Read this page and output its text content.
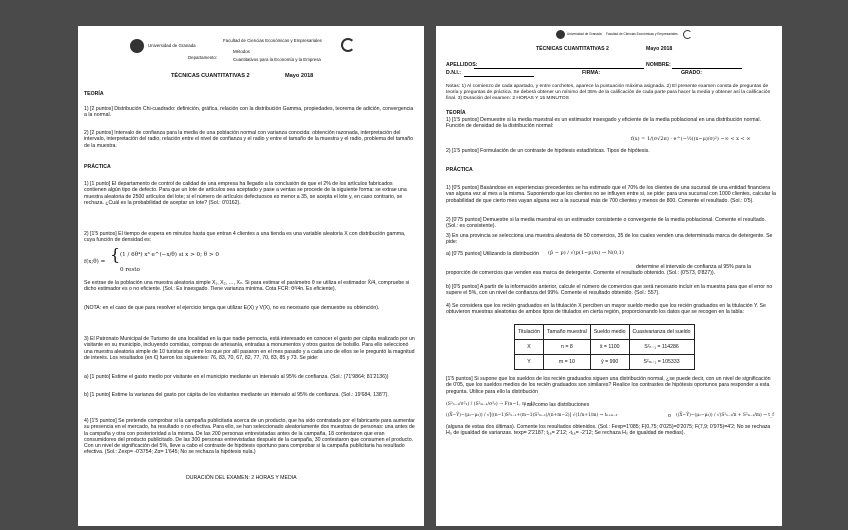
Universidad de Granada

Facultad de Ciencias Económicas y Empresariales

Departamento:

Métodos

Cuantitativos para la Economía y la Empresa

TÉCNICAS CUANTITATIVAS 2	Mayo 2018

TEORÍA

1) [2 puntos] Distribución Chi-cuadrado: definición, gráfica, relación con la distribución Gamma, propiedades, teorema de adición, convergencia a la normal.

2) [2 puntos] Intervalo de confianza para la media de una población normal con varianza conocida: obtención razonada, interpretación del intervalo, interpretación del radio, relación entre el nivel de confianza y el radio y entre el tamaño de la muestra y el radio, problema del tamaño de la muestra.

PRÁCTICA

1) [1 punto] El departamento de control de calidad de una empresa ha llegado a la conclusión de que el 2% de los artículos fabricados contienen algún tipo de defecto. Para que un lote de artículos sea aceptado y pase a ventas se procede de la siguiente forma: se extrae una muestra aleatoria de 2500 artículos del lote; si el número de artículos defectuosos es menor a 35, se acepta el lote y, en caso contrario, se rechaza. ¿Cuál es la probabilidad de aceptar un lote? (Sol.: 0'0162).

2) [1'5 puntos] El tiempo de espera en minutos hasta que entran 4 clientes a una tienda es una variable aleatoria X con distribución gamma, cuya función de densidad es:

f(x;θ) = { (1 / 6θ⁴) x³ e^(−x/θ) si x > 0; θ > 0
0 resto

Se extrae de la población una muestra aleatoria simple X₁, X₂, …, Xₙ. Si para estimar el parámetro θ se utiliza el estimador X̄/4, compruebe si dicho estimador es o no eficiente. (Sol.: Es insesgado. Tiene varianza mínima. Cota FCR: θ²/4n. Es eficiente).

(NOTA: en el caso de que para resolver el ejercicio tenga que utilizar E(X) y V(X), no es necesario que demuestre su obtención).

3) El Patronato Municipal de Turismo de una localidad en la que nadie pernocta, está interesado en conocer el gasto per cápita realizado por un visitante en su municipio, incluyendo comidas, compras de artesanía, entradas a monumentos y otros gastos de bolsillo. Para ello seleccionó una muestra aleatoria simple de 10 turistas de entre los que por allí pasaron en el mes pasado y a cada uno de ellos se le preguntó la magnitud de interés. Los resultados (en €) fueron los siguientes: 76, 83, 70, 67, 82, 77, 70, 83, 85 y 73. Se pide:

a) [1 punto] Estime el gasto medio por visitante en el municipio mediante un intervalo al 95% de confianza. (Sol.: (71'9864; 81'2136))

b) [1 punto] Estime la varianza del gasto por cápita de los visitantes mediante un intervalo al 95% de confianza. (Sol.: 19'684, 138'7).

4) [1'5 puntos] Se pretende comprobar si la campaña publicitaria acerca de un producto, que ha sido contratada por el fabricante para aumentar su presencia en el mercado, ha resultado o no efectiva. Para ello, se han seleccionado aleatoriamente dos muestras de personas: una antes de la campaña y otra con posterioridad a la misma. De las 200 personas entrevistadas antes de la campaña, 18 contestaron que eran consumidores del producto publicitado. De las 300 personas entrevistadas después de la campaña, 30 contestaron que consumen el producto. Con un nivel de significación del 5%, lleve a cabo el contraste de hipótesis oportuno para comprobar si la campaña publicitaria ha resultado efectiva. (Sol.: Zexp= -0'3754; Zα= 1'645; No se rechaza la hipótesis nula.)

DURACIÓN DEL EXAMEN: 2 HORAS Y MEDIA

Universidad de Granada Facultad de Ciencias Económicas y Empresariales

TÉCNICAS CUANTITATIVAS 2	Mayo 2018

APELLIDOS:	NOMBRE:

D.N.I.:	FIRMA:	GRADO:

Notas: 1) Al comienzo de cada apartado, y entre corchetes, aparece la puntuación máxima asignada. 2) El presente examen consta de preguntas de teoría y preguntas de práctica. Se deberá obtener un mínimo del 35% de la calificación de cada parte para hacer la media y obtener así la calificación final. 3) Duración del examen: 2 HORAS Y 15 MINUTOS

TEORÍA

1) [1'5 puntos] Demuestre si la media muestral es un estimador insesgado y eficiente de la media poblacional en una distribución normal. Función de densidad de la distribución normal:

f(x) = 1/(σ√2π) · e^(−½((x−μ)/σ)²) −∞ < x < ∞

2) [1'5 puntos] Formulación de un contraste de hipótesis estadísticas. Tipos de hipótesis.

PRÁCTICA

1) [0'5 puntos] Basándose en experiencias precedentes se ha estimado que el 70% de los clientes de una sucursal de una entidad financiera van alguna vez al mes a la misma. Suponiendo que los clientes no se influyen entre sí, se pide: para una sucursal con 1000 clientes, calcular la probabilidad de que cierto mes vayan alguna vez a la sucursal más de 700 clientes y menos de 800. Comente el resultado. (Sol.: 0'5).

2) [0'75 puntos] Demuestre si la media muestral es un estimador consistente o convergente de la media poblacional. Comente el resultado. (Sol.: es consistente).

3) En una provincia se selecciona una muestra aleatoria de 50 comercios, 35 de los cuales venden una determinada marca de detergente. Se pide:

a) [0'75 puntos] Utilizando la distribución (p̂ − p) / √(p(1−p)/n) → N(0,1)

determine el intervalo de confianza al 95% para la proporción de comercios que venden esa marca de detergente. Comente el resultado obtenido. (Sol.: (0'573, 0'827)).

b) [0'5 puntos] A partir de la información anterior, calcule el número de comercios que será necesario incluir en la muestra para que el error no supere el 5%, con un nivel de confianza del 99%. Comente el resultado obtenido. (Sol.: 557).

4) Se considera que los recién graduados en la titulación X perciben un mayor sueldo medio que los recién graduados en la titulación Y. Se obtuvieron muestras aleatorias de ambos tipos de titulados en cierta región, proporcionando los datos que se recogen en la tabla:

Titulación	Tamaño muestral	Sueldo medio	Cuasivarianza del sueldo
X	n = 8	x̄ = 1100	S²ₙ₋₁ = 114286
Y	m = 10	ȳ = 990	S²ₘ₋₁ = 105333

[1'5 puntos] Si supone que los sueldos de los recién graduados siguen una distribución normal, ¿se puede decir, con un nivel de significación de 0'05, que los sueldos medios de los recién graduados son similares? Realice los contrastes de hipótesis oportunos para responder a esta pregunta. Utilice para ello la distribución

(S²ₙ₋₁/σ²₁) / (S²ₘ₋₁/σ²₂) → F(n−1, m−1)
, así como las distribuciones
((X̄−Ȳ)−(μ₁−μ₂)) / √[((n−1)S²ₙ₋₁+(m−1)S²ₘ₋₁)/(n+m−2)] √(1/n+1/m) → tₙ₊ₘ₋₂	o ((X̄−Ȳ)−(μ₁−μ₂)) / √(S²ₙ₋₁/n + S²ₘ₋₁/m) → t_f

(alguna de estas dos últimas). Comente los resultados obtenidos. (Sol.: Fexp=1'085; F(0,75; 0'025)=0'2075; F(7,9; 0'975)=4'2; No se rechaza H₀ de igualdad de varianzas. texp= 2'2187; t₁₆= 2'12; -t₁₆= -2'12; Se rechaza H₀ de igualdad de medias).
